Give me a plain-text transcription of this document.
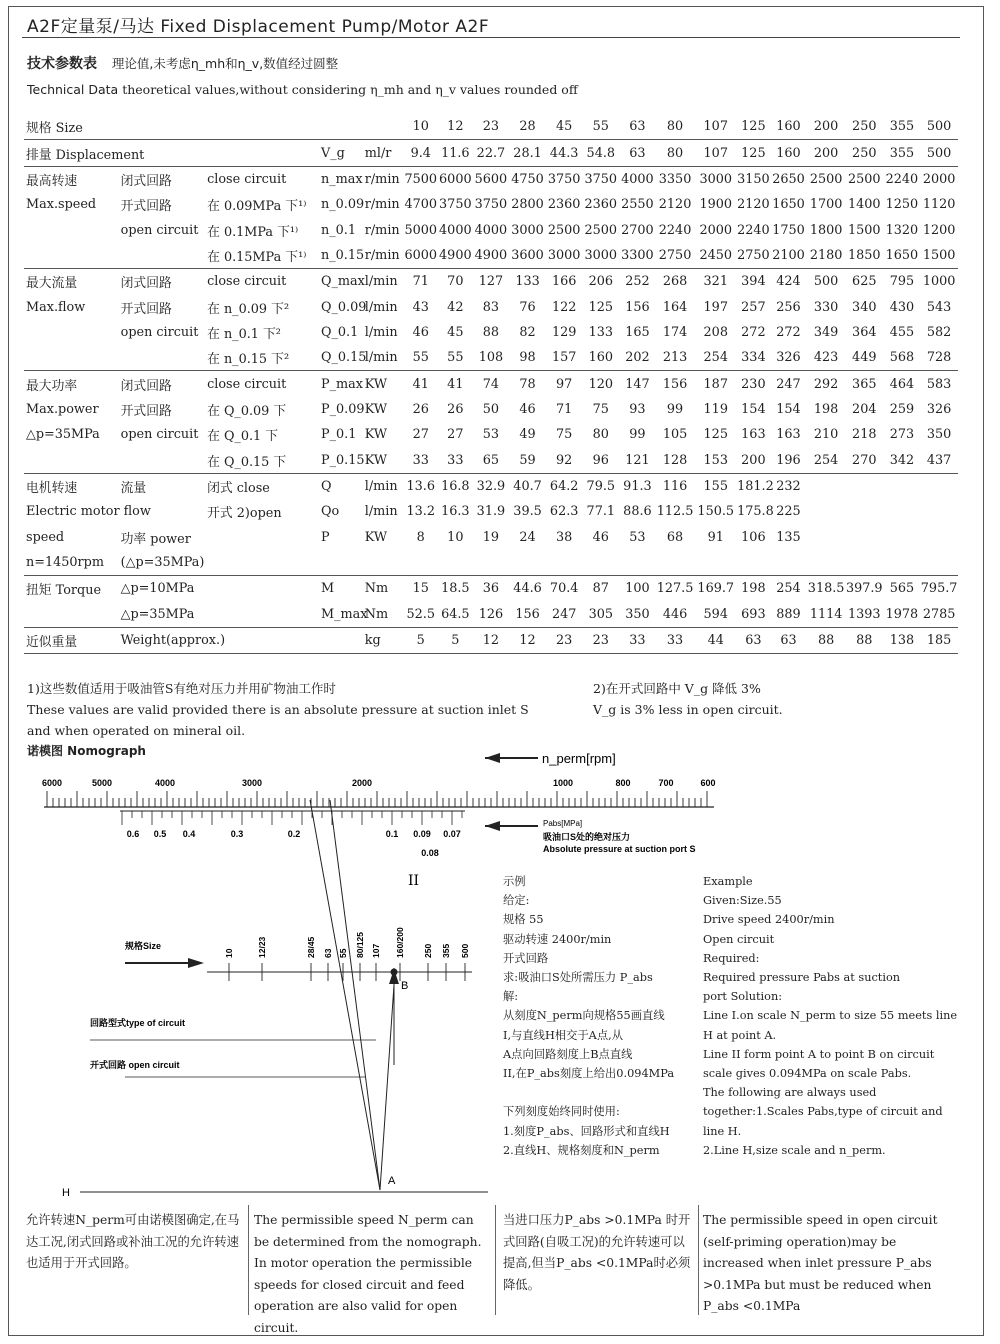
A2F定量泵/马达 Fixed Displacement Pump/Motor A2F
技术参数表 理论值,未考虑η_mh和η_v,数值经过圆整
Technical Data theoretical values,without considering η_mh and η_v values rounded off
规格 Size					10	12	23	28	45	55	63	80	107	125	160	200	250	355	500
排量 Displacement			V_g	ml/r	9.4	11.6	22.7	28.1	44.3	54.8	63	80	107	125	160	200	250	355	500
最高转速	闭式回路	close circuit	n_max	r/min	7500	6000	5600	4750	3750	3750	4000	3350	3000	3150	2650	2500	2500	2240	2000
Max.speed	开式回路	在 0.09MPa 下¹⁾	n_0.09	r/min	4700	3750	3750	2800	2360	2360	2550	2120	1900	2120	1650	1700	1400	1250	1120
	open circuit	在 0.1MPa 下¹⁾	n_0.1	r/min	5000	4000	4000	3000	2500	2500	2700	2240	2000	2240	1750	1800	1500	1320	1200
		在 0.15MPa 下¹⁾	n_0.15	r/min	6000	4900	4900	3600	3000	3000	3300	2750	2450	2750	2100	2180	1850	1650	1500
最大流量	闭式回路	close circuit	Q_max	l/min	71	70	127	133	166	206	252	268	321	394	424	500	625	795	1000
Max.flow	开式回路	在 n_0.09 下²	Q_0.09	l/min	43	42	83	76	122	125	156	164	197	257	256	330	340	430	543
	open circuit	在 n_0.1 下²	Q_0.1	l/min	46	45	88	82	129	133	165	174	208	272	272	349	364	455	582
		在 n_0.15 下²	Q_0.15	l/min	55	55	108	98	157	160	202	213	254	334	326	423	449	568	728
最大功率	闭式回路	close circuit	P_max	KW	41	41	74	78	97	120	147	156	187	230	247	292	365	464	583
Max.power	开式回路	在 Q_0.09 下	P_0.09	KW	26	26	50	46	71	75	93	99	119	154	154	198	204	259	326
△p=35MPa	open circuit	在 Q_0.1 下	P_0.1	KW	27	27	53	49	75	80	99	105	125	163	163	210	218	273	350
		在 Q_0.15 下	P_0.15	KW	33	33	65	59	92	96	121	128	153	200	196	254	270	342	437
电机转速	流量	闭式 close	Q	l/min	13.6	16.8	32.9	40.7	64.2	79.5	91.3	116	155	181.2	232				
Electric motor flow		开式 2)open	Qo	l/min	13.2	16.3	31.9	39.5	62.3	77.1	88.6	112.5	150.5	175.8	225				
speed	功率 power		P	KW	8	10	19	24	38	46	53	68	91	106	135				
n=1450rpm	(△p=35MPa)																		
扭矩 Torque	△p=10MPa		M	Nm	15	18.5	36	44.6	70.4	87	100	127.5	169.7	198	254	318.5	397.9	565	795.7
	△p=35MPa		M_max	Nm	52.5	64.5	126	156	247	305	350	446	594	693	889	1114	1393	1978	2785
近似重量	Weight(approx.)			kg	5	5	12	12	23	23	33	33	44	63	63	88	88	138	185
1)这些数值适用于吸油管S有绝对压力并用矿物油工作时
These values are valid provided there is an absolute pressure at suction inlet S and when operated on mineral oil.
2)在开式回路中 V_g 降低 3%
V_g is 3% less in open circuit.
诺模图 Nomograph
6000	5000	4000	3000	2000	1000	800	700	600
n_perm[rpm]
0.6 0.5 0.4	0.3	0.2	0.1 0.09 0.07
0.08
Pabs[MPa]
吸油口S处的绝对压力
Absolute pressure at suction port S
II
10	12/23	28/45 63 55 80/125 107 160/200 250 355 500
规格Size
回路型式type of circuit
开式回路 open circuit
B
A
H
示例
给定:
规格 55
驱动转速 2400r/min
开式回路
求:吸油口S处所需压力 P_abs
解:
从刻度N_perm向规格55画直线
I,与直线H相交于A点,从
A点向回路刻度上B点直线
II,在P_abs刻度上给出0.094MPa
下列刻度始终同时使用:
1.刻度P_abs、回路形式和直线H
2.直线H、规格刻度和N_perm
Example
Given:Size.55
Drive speed 2400r/min
Open circuit
Required:
Required pressure Pabs at suction
port Solution:
Line I.on scale N_perm to size 55 meets line
H at point A.
Line II form point A to point B on circuit
scale gives 0.094MPa on scale Pabs.
The following are always used
together:1.Scales Pabs,type of circuit and
line H.
2.Line H,size scale and n_perm.
允许转速N_perm可由诺模图确定,在马达工况,闭式回路或补油工况的允许转速也适用于开式回路。
The permissible speed N_perm can be determined from the nomograph. In motor operation the permissible speeds for closed circuit and feed operation are also valid for open circuit.
当进口压力P_abs >0.1MPa 时开式回路(自吸工况)的允许转速可以提高,但当P_abs <0.1MPa时必须降低。
The permissible speed in open circuit (self-priming operation)may be increased when inlet pressure P_abs >0.1MPa but must be reduced when P_abs <0.1MPa
